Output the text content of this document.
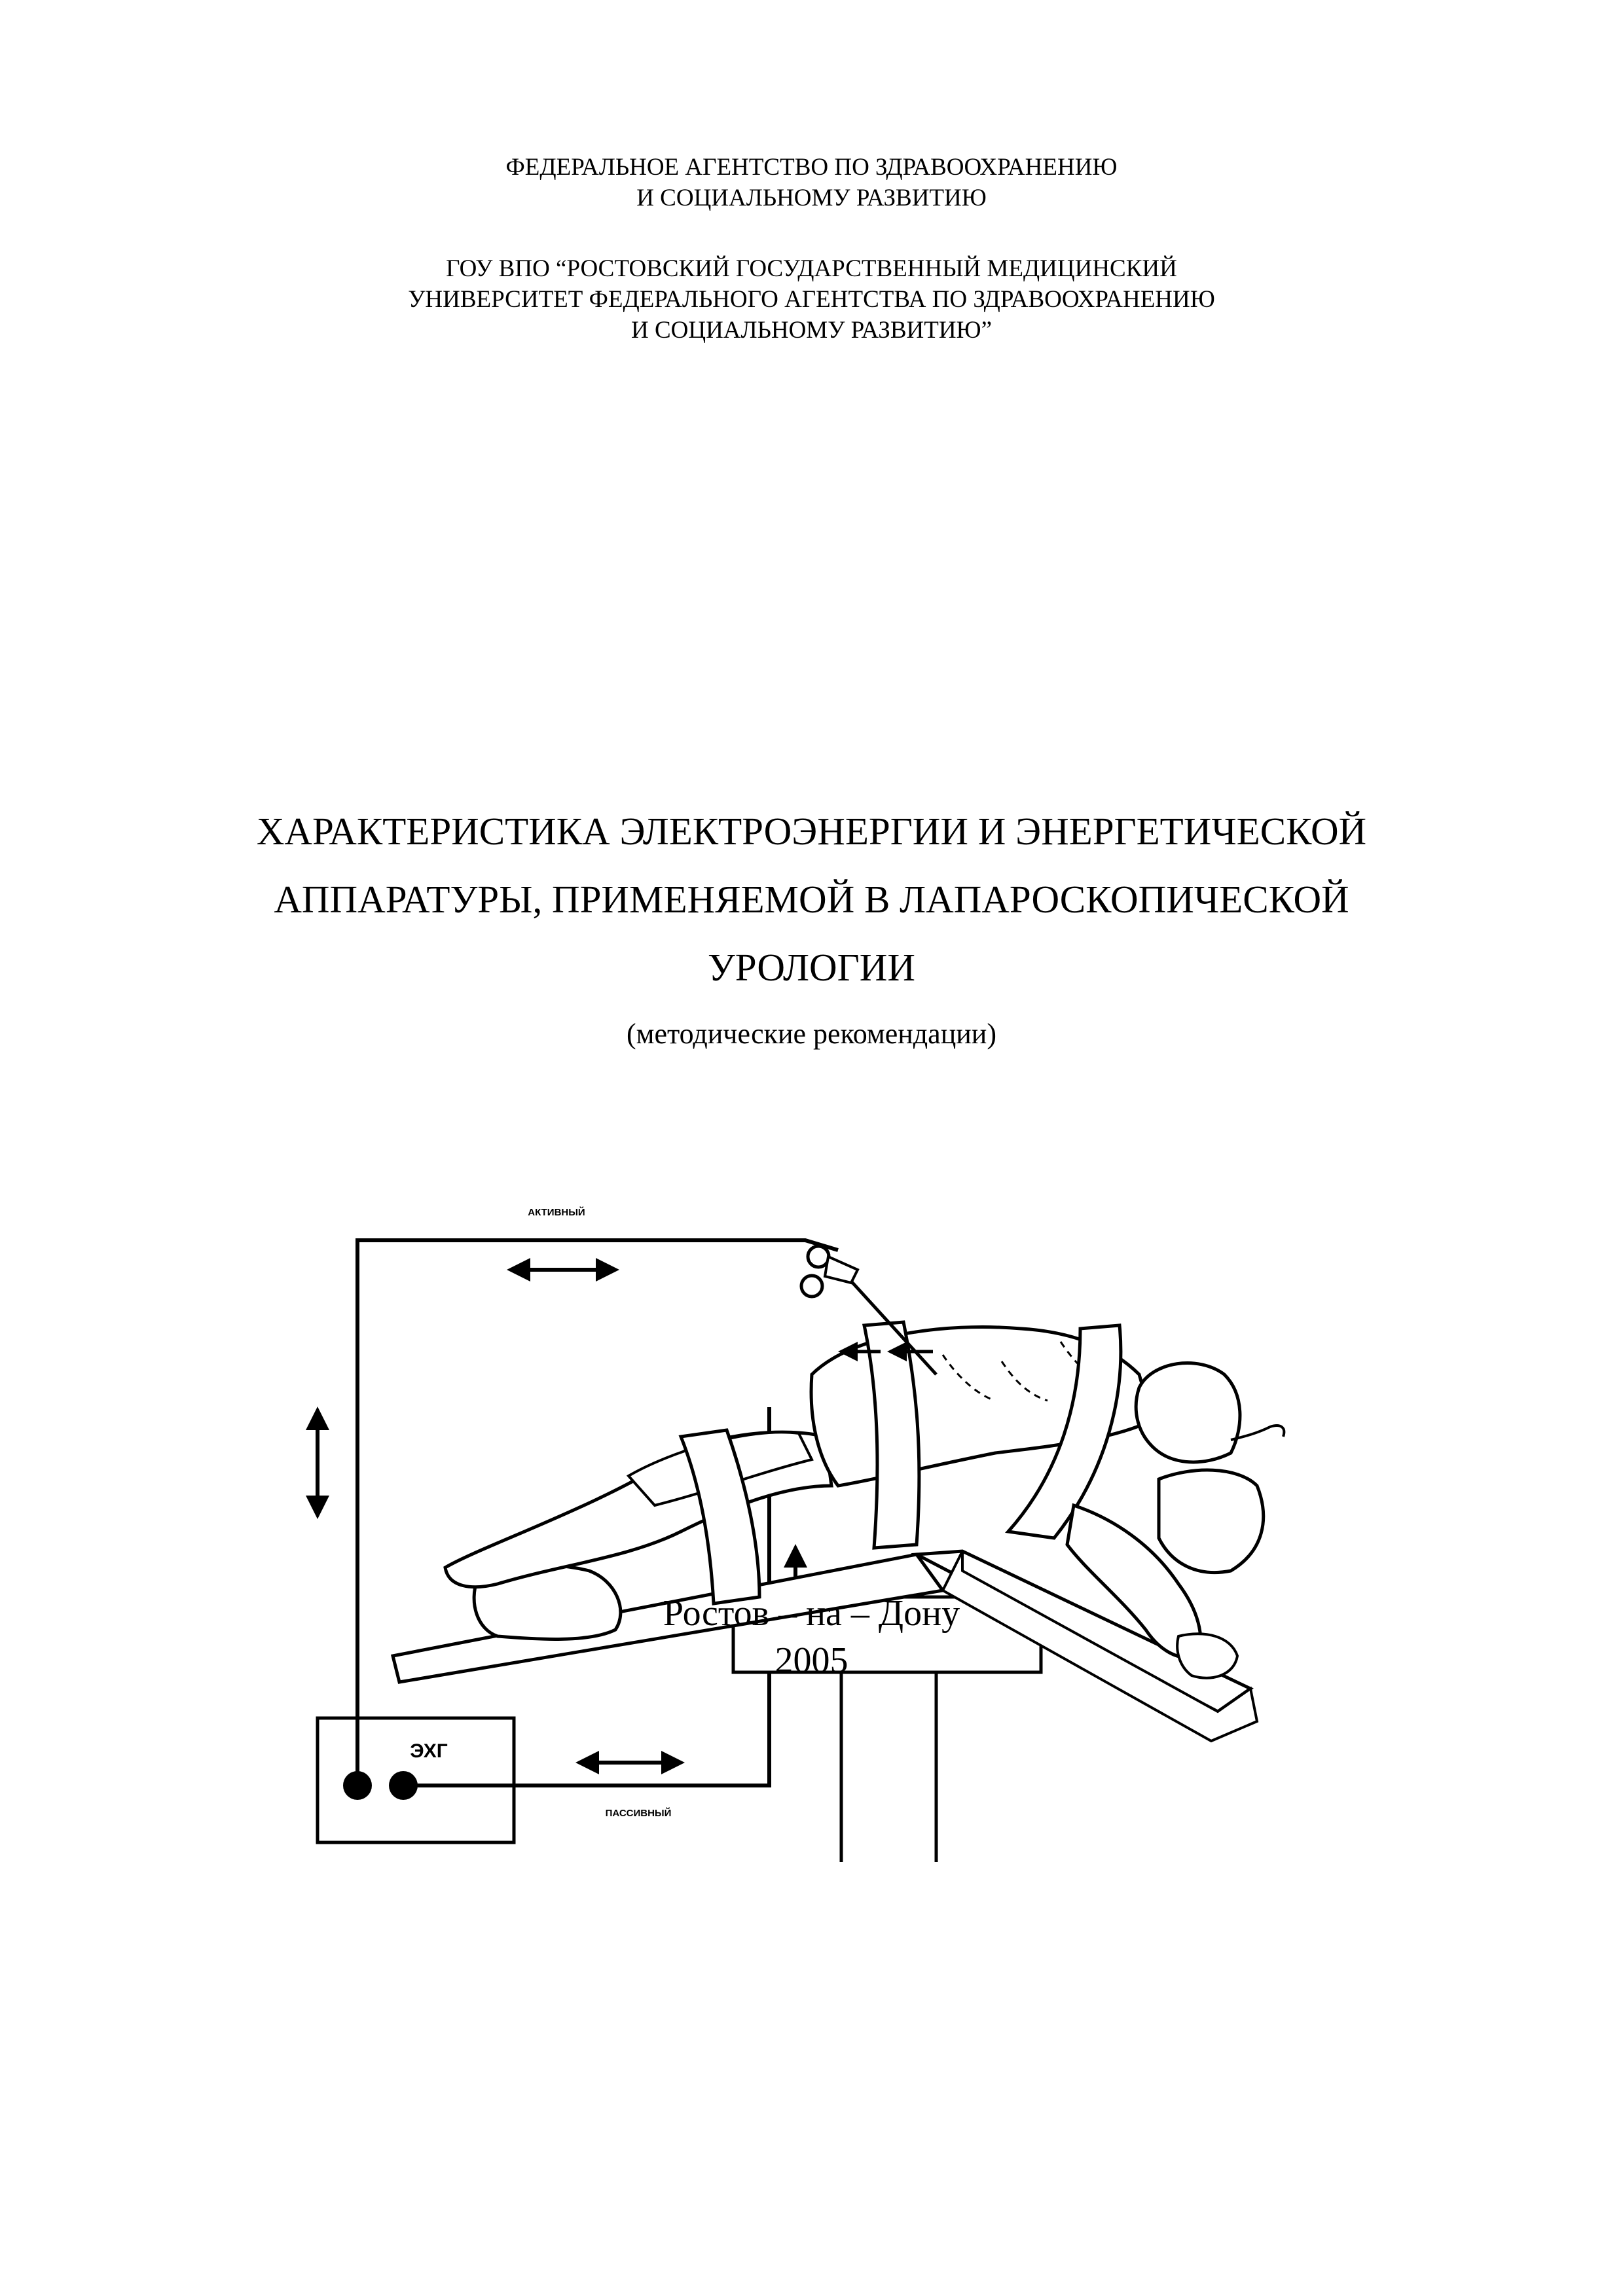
ФЕДЕРАЛЬНОЕ АГЕНТСТВО ПО ЗДРАВООХРАНЕНИЮ
И СОЦИАЛЬНОМУ РАЗВИТИЮ
ГОУ ВПО “РОСТОВСКИЙ ГОСУДАРСТВЕННЫЙ МЕДИЦИНСКИЙ
УНИВЕРСИТЕТ ФЕДЕРАЛЬНОГО АГЕНТСТВА ПО ЗДРАВООХРАНЕНИЮ
И СОЦИАЛЬНОМУ РАЗВИТИЮ”
ХАРАКТЕРИСТИКА ЭЛЕКТРОЭНЕРГИИ И ЭНЕРГЕТИЧЕСКОЙ
АППАРАТУРЫ, ПРИМЕНЯЕМОЙ В ЛАПАРОСКОПИЧЕСКОЙ
УРОЛОГИИ
(методические рекомендации)
ЭХГ
АКТИВНЫЙ
ПАССИВНЫЙ
Ростов – на – Дону
2005
